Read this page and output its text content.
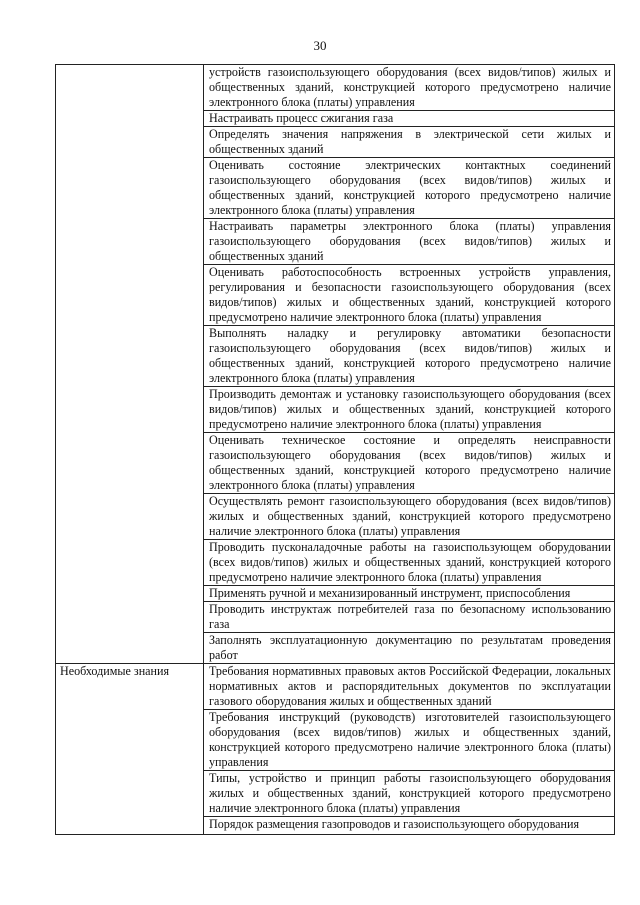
30
	устройств газоиспользующего оборудования (всех видов/типов) жилых и общественных зданий, конструкцией которого предусмотрено наличие электронного блока (платы) управления
	Настраивать процесс сжигания газа
	Определять значения напряжения в электрической сети жилых и общественных зданий
	Оценивать состояние электрических контактных соединений газоиспользующего оборудования (всех видов/типов) жилых и общественных зданий, конструкцией которого предусмотрено наличие электронного блока (платы) управления
	Настраивать параметры электронного блока (платы) управления газоиспользующего оборудования (всех видов/типов) жилых и общественных зданий
	Оценивать работоспособность встроенных устройств управления, регулирования и безопасности газоиспользующего оборудования (всех видов/типов) жилых и общественных зданий, конструкцией которого предусмотрено наличие электронного блока (платы) управления
	Выполнять наладку и регулировку автоматики безопасности газоиспользующего оборудования (всех видов/типов) жилых и общественных зданий, конструкцией которого предусмотрено наличие электронного блока (платы) управления
	Производить демонтаж и установку газоиспользующего оборудования (всех видов/типов) жилых и общественных зданий, конструкцией которого предусмотрено наличие электронного блока (платы) управления
	Оценивать техническое состояние и определять неисправности газоиспользующего оборудования (всех видов/типов) жилых и общественных зданий, конструкцией которого предусмотрено наличие электронного блока (платы) управления
	Осуществлять ремонт газоиспользующего оборудования (всех видов/типов) жилых и общественных зданий, конструкцией которого предусмотрено наличие электронного блока (платы) управления
	Проводить пусконаладочные работы на газоиспользующем оборудовании (всех видов/типов) жилых и общественных зданий, конструкцией которого предусмотрено наличие электронного блока (платы) управления
	Применять ручной и механизированный инструмент, приспособления
	Проводить инструктаж потребителей газа по безопасному использованию газа
	Заполнять эксплуатационную документацию по результатам проведения работ
Необходимые знания	Требования нормативных правовых актов Российской Федерации, локальных нормативных актов и распорядительных документов по эксплуатации газового оборудования жилых и общественных зданий
	Требования инструкций (руководств) изготовителей газоиспользующего оборудования (всех видов/типов) жилых и общественных зданий, конструкцией которого предусмотрено наличие электронного блока (платы) управления
	Типы, устройство и принцип работы газоиспользующего оборудования жилых и общественных зданий, конструкцией которого предусмотрено наличие электронного блока (платы) управления
	Порядок размещения газопроводов и газоиспользующего оборудования
